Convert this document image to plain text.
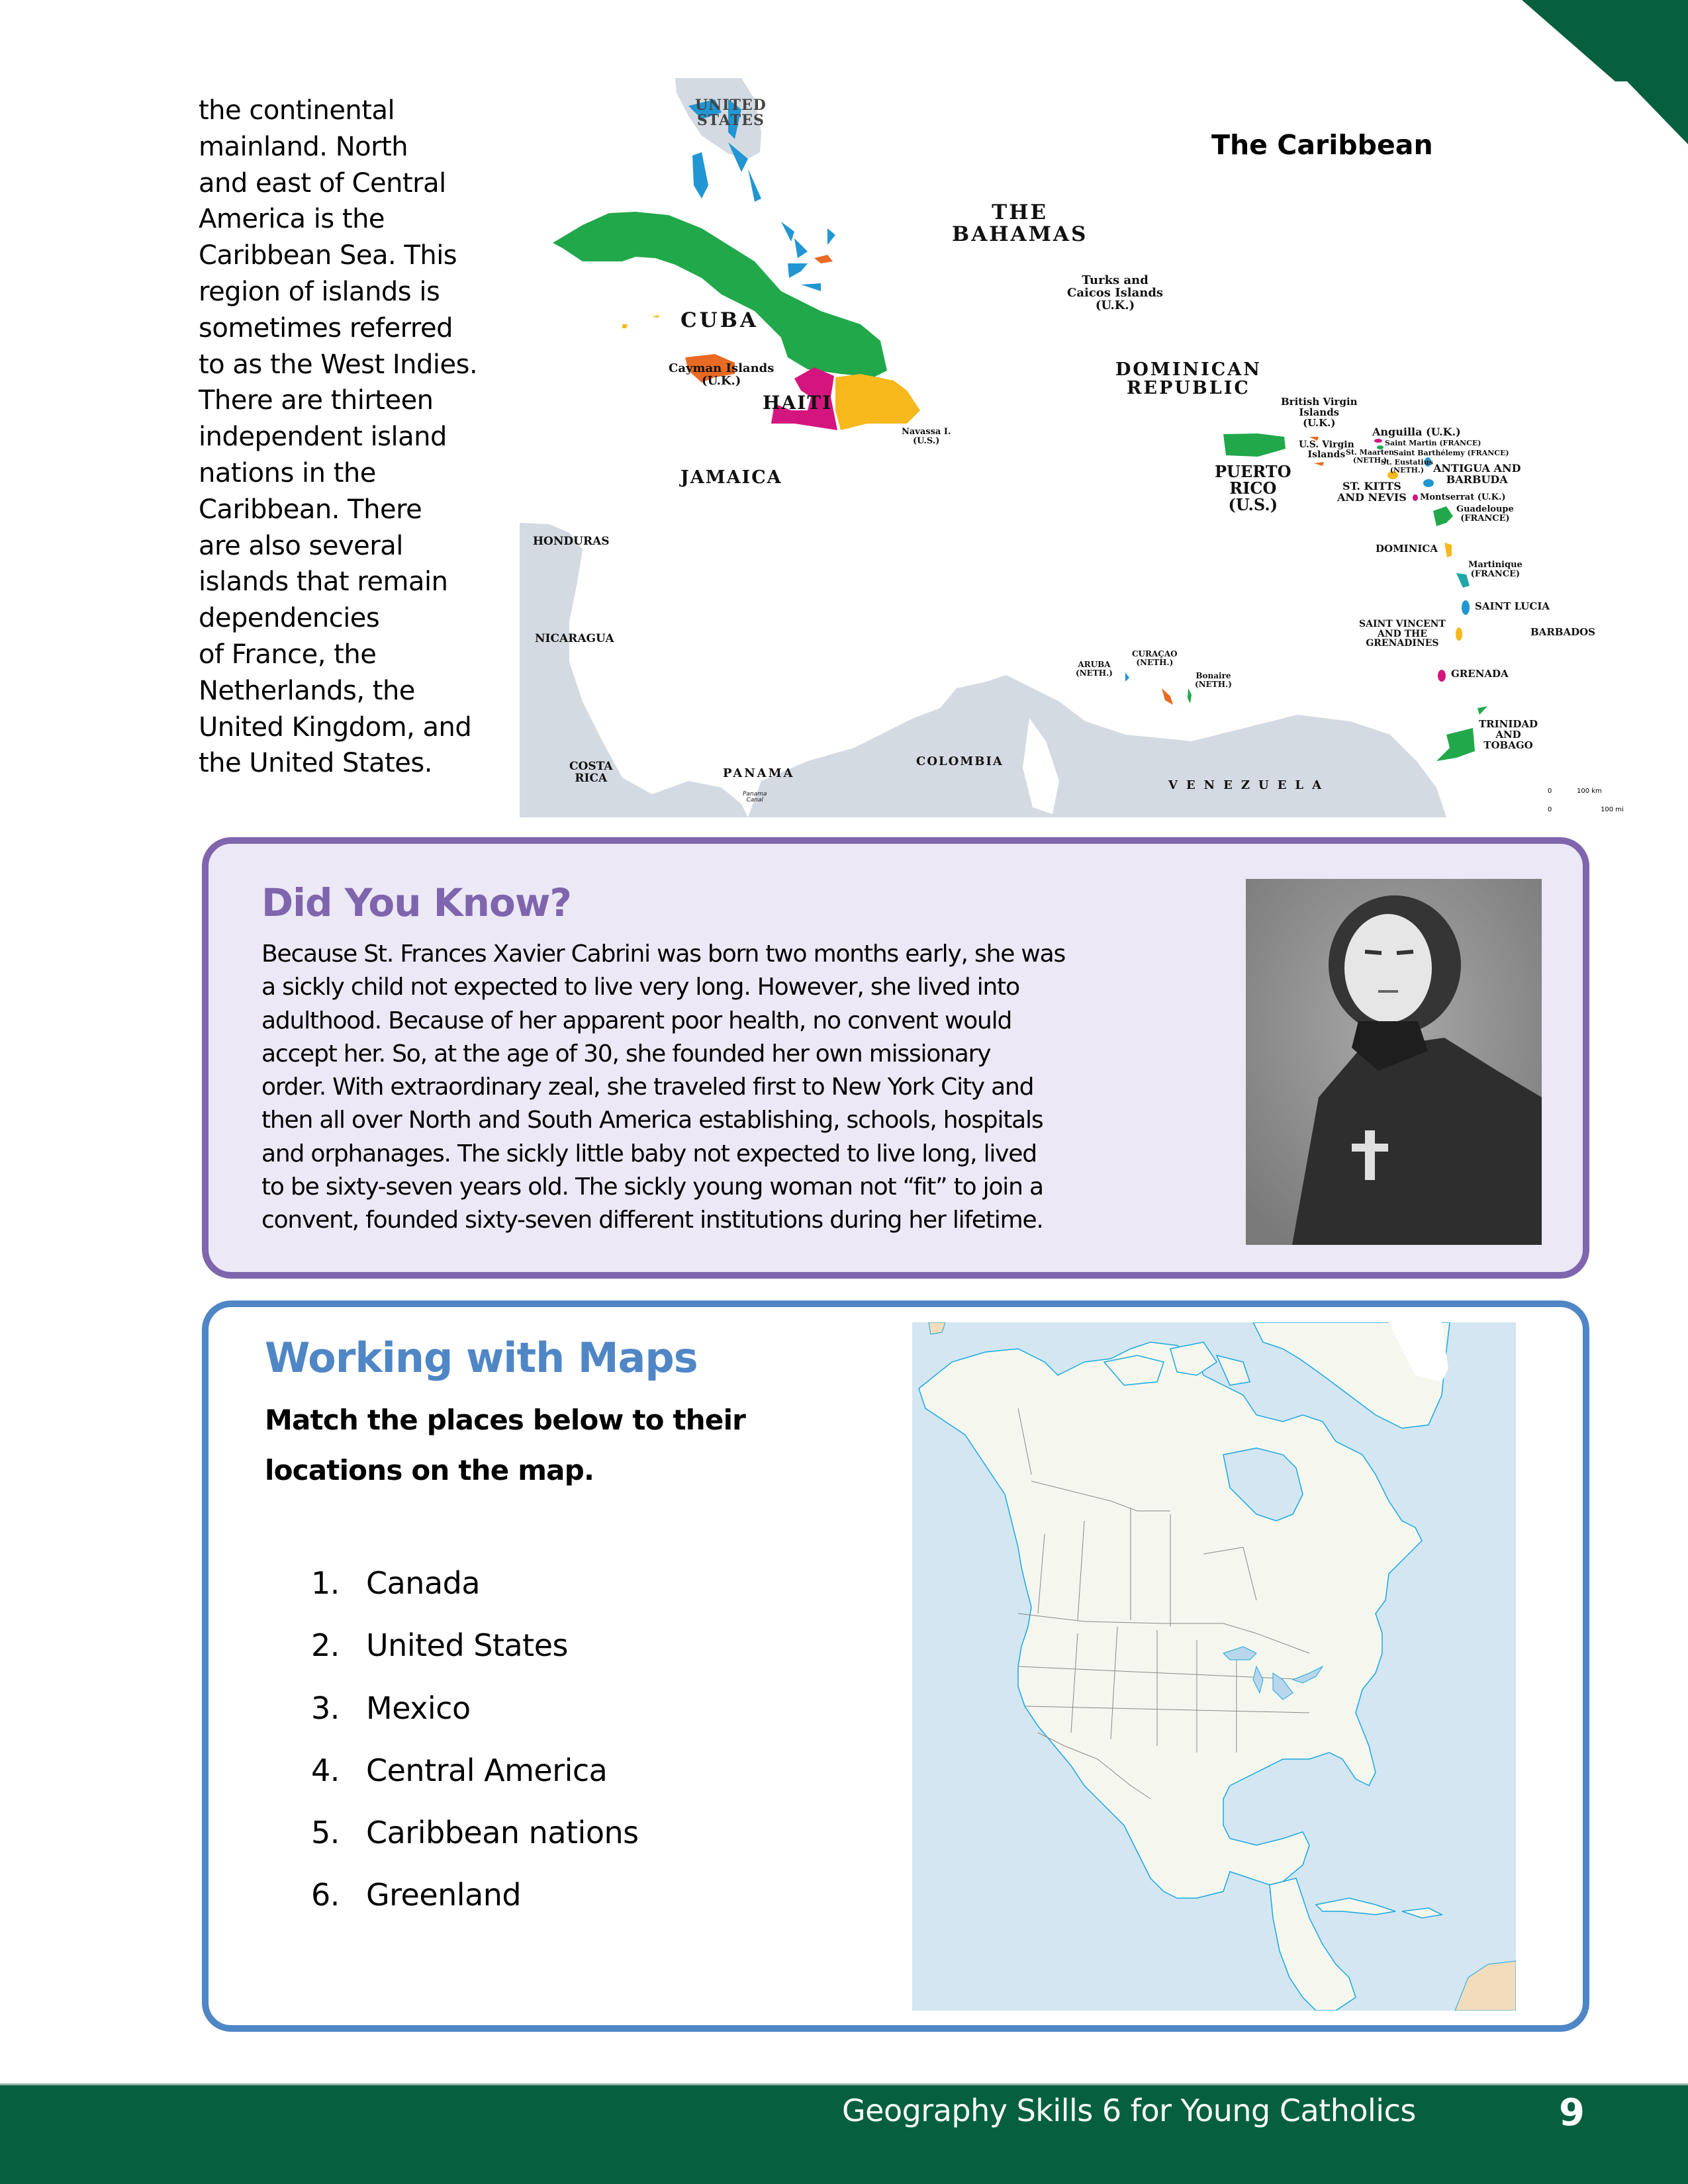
the continental
mainland. North
and east of Central
America is the
Caribbean Sea. This
region of islands is
sometimes referred
to as the West Indies.
There are thirteen
independent island
nations in the
Caribbean. There
are also several
islands that remain
dependencies
of France, the
Netherlands, the
United Kingdom, and
the United States.
UNITED
STATES
THE
BAHAMAS
CUBA
Turks and
Caicos Islands
(U.K.)
Cayman Islands
(U.K.)
HAITI
DOMINICAN
REPUBLIC
Navassa I.
(U.S.)
JAMAICA	PUERTO
RICO
(U.S.)
British Virgin
Islands
(U.K.)
U.S. Virgin
Islands
Anguilla (U.K.)
Saint Martin (FRANCE)
St. Maarten
(NETH.)
Saint Barthélemy (FRANCE)
St. Eustatius
(NETH.) ANTIGUA AND
BARBUDA
ST. KITTS
AND NEVIS Montserrat (U.K.)
Guadeloupe
(FRANCE)
DOMINICA
Martinique
(FRANCE)
SAINT LUCIA
SAINT VINCENT
AND THE
GRENADINES
BARBADOS
GRENADA
TRINIDAD
AND
TOBAGO
HONDURAS
NICARAGUA
COSTA
RICA	PANAMA
Panama
Canal
COLOMBIA
VENEZUELA
ARUBA
(NETH.)
CURAÇAO
(NETH.)
Bonaire
(NETH.)
0	100 km
0	100 mi
The Caribbean
Did You Know?
Because St. Frances Xavier Cabrini was born two months early, she was
a sickly child not expected to live very long. However, she lived into
adulthood. Because of her apparent poor health, no convent would
accept her. So, at the age of 30, she founded her own missionary
order. With extraordinary zeal, she traveled first to New York City and
then all over North and South America establishing, schools, hospitals
and orphanages. The sickly little baby not expected to live long, lived
to be sixty-seven years old. The sickly young woman not “fit” to join a
convent, founded sixty-seven different institutions during her lifetime.
Working with Maps
Match the places below to their
locations on the map.
1. Canada
2. United States
3. Mexico
4. Central America
5. Caribbean nations
6. Greenland
Geography Skills 6 for Young Catholics	9
